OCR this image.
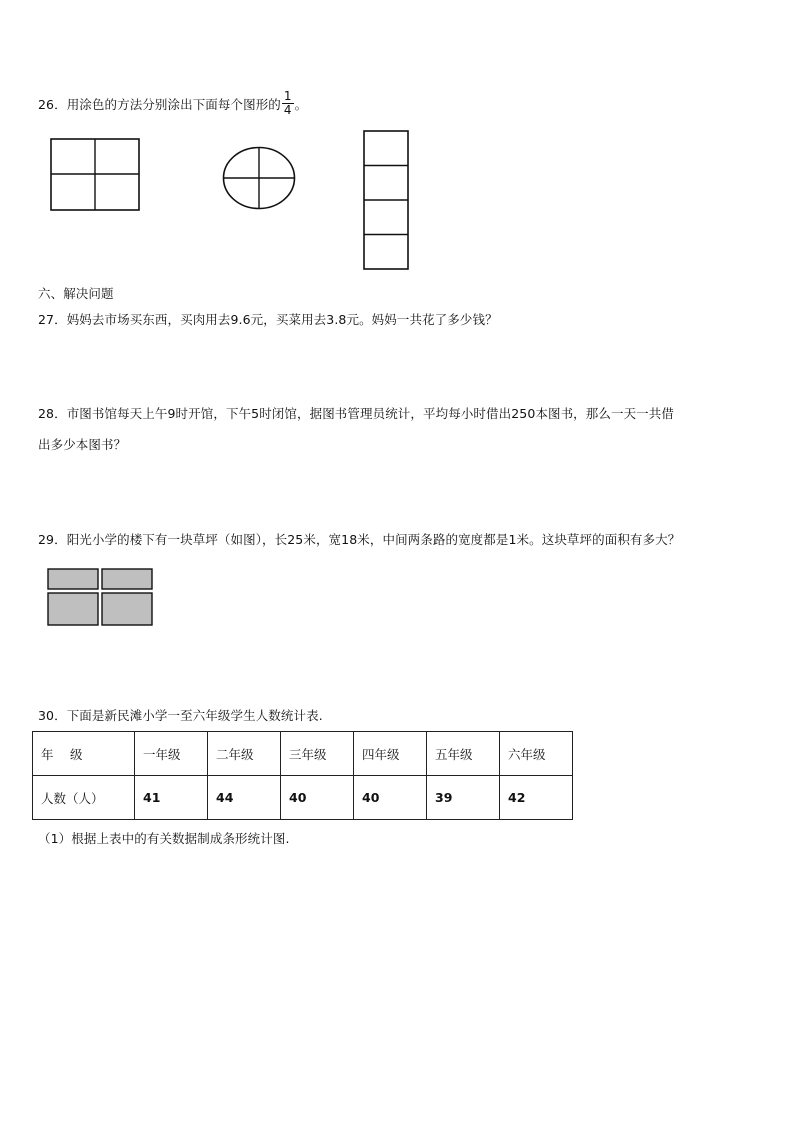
26．用涂色的方法分别涂出下面每个图形的 $\frac{1}{4}$ 。
六、解决问题
27．妈妈去市场买东西，买肉用去9.6元，买菜用去3.8元。妈妈一共花了多少钱？
28．市图书馆每天上午9时开馆，下午5时闭馆，据图书管理员统计，平均每小时借出250本图书，那么一天一共借
出多少本图书？
29．阳光小学的楼下有一块草坪（如图），长25米，宽18米，中间两条路的宽度都是1米。这块草坪的面积有多大？
30．下面是新民滩小学一至六年级学生人数统计表.
年　 级	一年级	二年级	三年级	四年级	五年级	六年级
人数（人）	41	44	40	40	39	42
（1）根据上表中的有关数据制成条形统计图.
